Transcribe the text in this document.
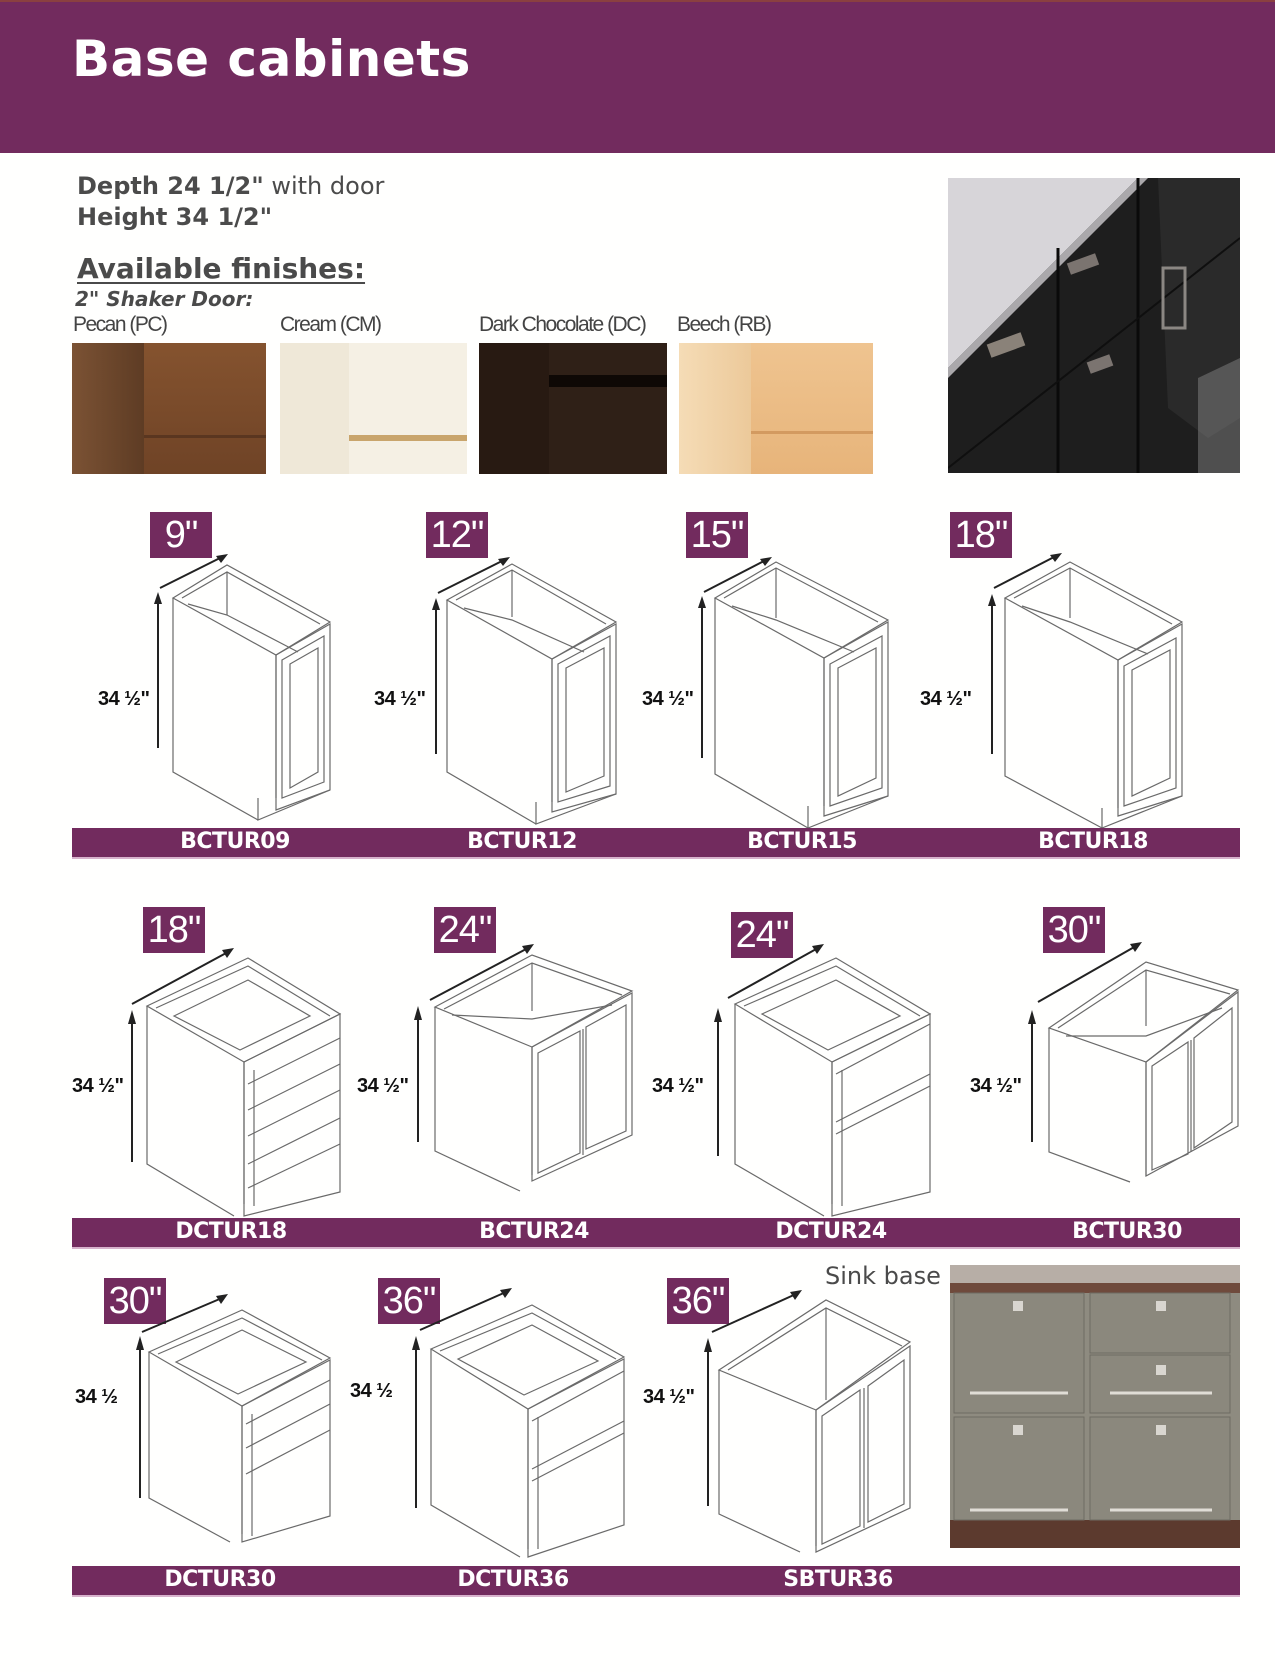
Base cabinets
Depth 24 1/2" with door
Height 34 1/2"
Available finishes:
2" Shaker Door:
Pecan (PC)	Cream (CM)	Dark Chocolate (DC) Beech (RB)
9"
34 ½"
12"
34 ½"
15"
34 ½"
18"
34 ½"
BCTUR09	BCTUR12	BCTUR15	BCTUR18
18"
34 ½"
24"
34 ½"
24"
34 ½"
30"
34 ½"
DCTUR18	BCTUR24	DCTUR24	BCTUR30
30"
34 ½
36"
34 ½
Sink base
36"
34 ½"
DCTUR30	DCTUR36	SBTUR36
